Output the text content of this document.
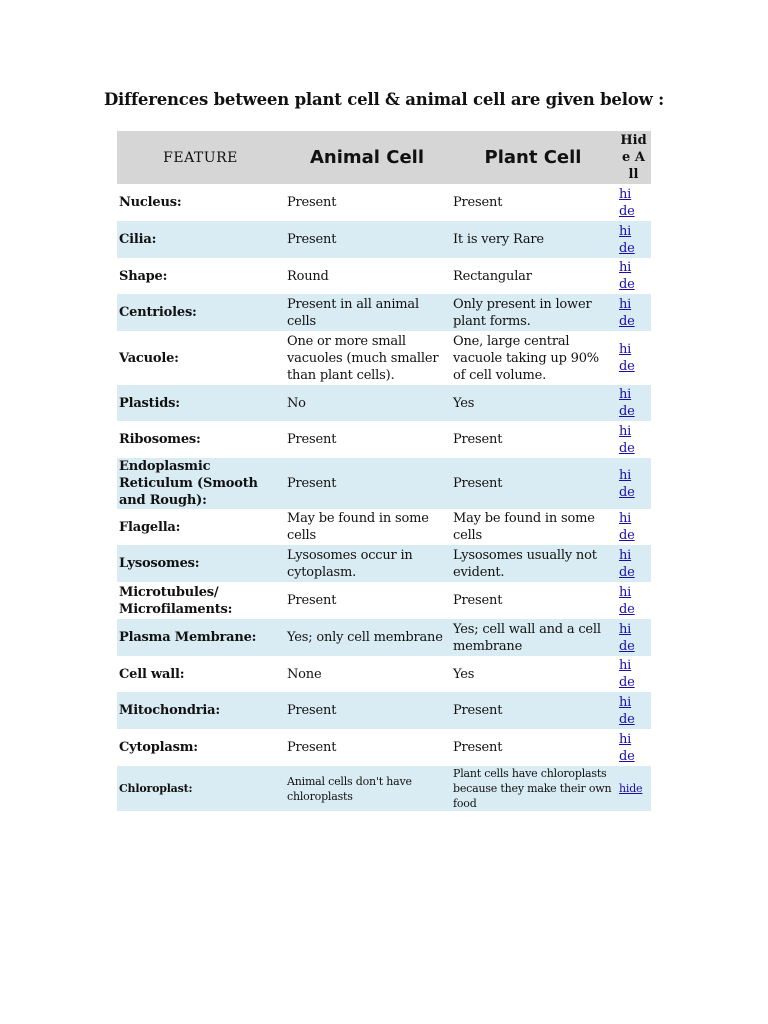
Differences between plant cell & animal cell are given below :
FEATURE	Animal Cell	Plant Cell	Hide All
Nucleus:	Present	Present	hide

Cilia:	Present	It is very Rare	hide

Shape:	Round	Rectangular	hide

Centrioles:	Present in all animal cells	Only present in lower plant forms.	hide

Vacuole:	One or more small vacuoles (much smaller than plant cells).	One, large central vacuole taking up 90% of cell volume.	hide

Plastids:	No	Yes	hide

Ribosomes:	Present	Present	hide

Endoplasmic Reticulum (Smooth and Rough):	Present	Present	hide

Flagella:	May be found in some cells	May be found in some cells	hide

Lysosomes:	Lysosomes occur in cytoplasm.	Lysosomes usually not evident.	hide

Microtubules/ Microfilaments:	Present	Present	hide

Plasma Membrane:	Yes; only cell membrane	Yes; cell wall and a cell membrane	hide

Cell wall:	None	Yes	hide

Mitochondria:	Present	Present	hide

Cytoplasm:	Present	Present	hide

Chloroplast:	Animal cells don't have chloroplasts	Plant cells have chloroplasts because they make their own food	hide
